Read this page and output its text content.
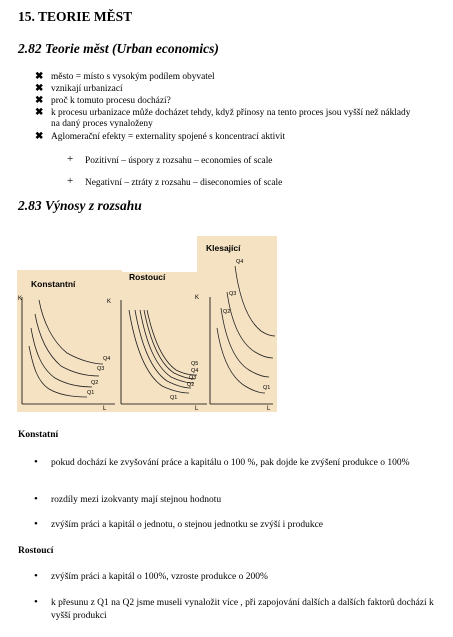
15. TEORIE MĚST
2.82 Teorie měst (Urban economics)
✖ město = místo s vysokým podílem obyvatel
✖ vznikají urbanizací
✖ proč k tomuto procesu dochází?
✖ k procesu urbanizace může docházet tehdy, když přínosy na tento proces jsou vyšší než náklady na daný proces vynaloženy
✖ Aglomerační efekty = externality spojené s koncentrací aktivit
+ Pozitivní – úspory z rozsahu – economies of scale
+ Negativní – ztráty z rozsahu – diseconomies of scale
2.83 Výnosy z rozsahu
Konstantní
K
L
Q1
Q2
Q3
Q4
Rostoucí
K
L
Q1
Q2
Q3
Q4
Q5
Klesající
K
L
Q1
Q2
Q3
Q4
Konstatní
• pokud dochází ke zvyšování práce a kapitálu o 100 %, pak dojde ke zvýšení produkce o 100%
• rozdíly mezi izokvanty mají stejnou hodnotu
• zvýším práci a kapitál o jednotu, o stejnou jednotku se zvýší i produkce
Rostoucí
• zvýším práci a kapitál o 100%, vzroste produkce o 200%
• k přesunu z Q1 na Q2 jsme museli vynaložit více , při zapojování dalších a dalších faktorů dochází k vyšší produkci
